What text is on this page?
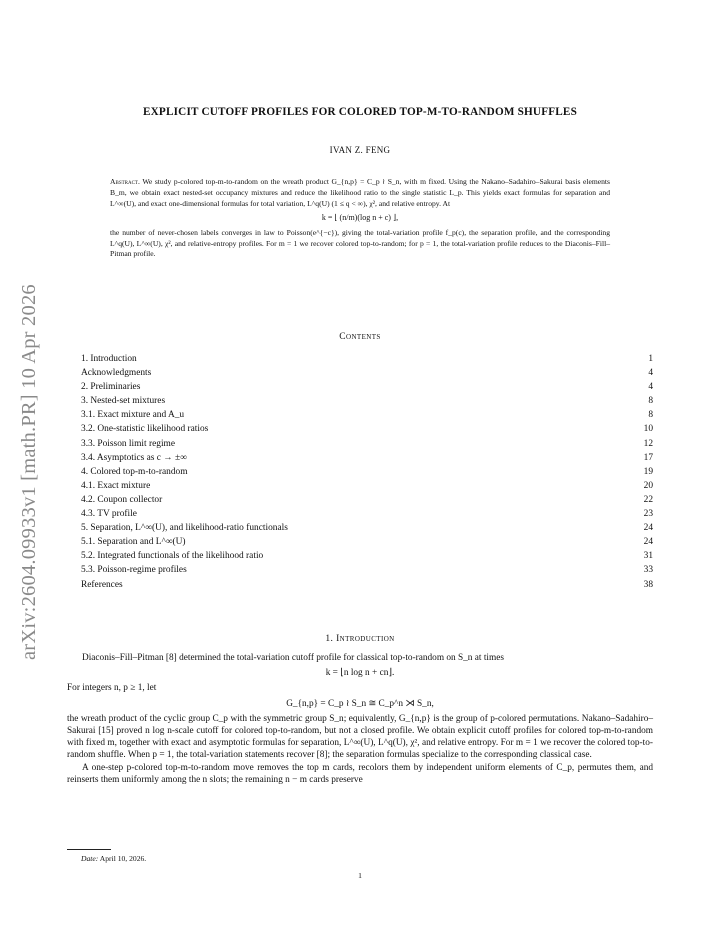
arXiv:2604.09933v1 [math.PR] 10 Apr 2026
EXPLICIT CUTOFF PROFILES FOR COLORED TOP-M-TO-RANDOM SHUFFLES
IVAN Z. FENG
Abstract. We study p-colored top-m-to-random on the wreath product G_{n,p} = C_p ≀ S_n, with m fixed. Using the Nakano–Sadahiro–Sakurai basis elements B_m, we obtain exact nested-set occupancy mixtures and reduce the likelihood ratio to the single statistic L_p. This yields exact formulas for separation and L^∞(U), and exact one-dimensional formulas for total variation, L^q(U) (1 ≤ q < ∞), χ², and relative entropy. At
k = ⌊ (n/m)(log n + c) ⌋,
the number of never-chosen labels converges in law to Poisson(e^{−c}), giving the total-variation profile f_p(c), the separation profile, and the corresponding L^q(U), L^∞(U), χ², and relative-entropy profiles. For m = 1 we recover colored top-to-random; for p = 1, the total-variation profile reduces to the Diaconis–Fill–Pitman profile.
Contents
1. Introduction	1
Acknowledgments	4
2. Preliminaries	4
3. Nested-set mixtures	8
3.1. Exact mixture and A_u	8
3.2. One-statistic likelihood ratios	10
3.3. Poisson limit regime	12
3.4. Asymptotics as c → ±∞	17
4. Colored top-m-to-random	19
4.1. Exact mixture	20
4.2. Coupon collector	22
4.3. TV profile	23
5. Separation, L^∞(U), and likelihood-ratio functionals	24
5.1. Separation and L^∞(U)	24
5.2. Integrated functionals of the likelihood ratio	31
5.3. Poisson-regime profiles	33
References	38
1. Introduction

Diaconis–Fill–Pitman [8] determined the total-variation cutoff profile for classical top-to-random on S_n at times

k = ⌊n log n + cn⌋.

For integers n, p ≥ 1, let

G_{n,p} = C_p ≀ S_n ≅ C_p^n ⋊ S_n,

the wreath product of the cyclic group C_p with the symmetric group S_n; equivalently, G_{n,p} is the group of p-colored permutations. Nakano–Sadahiro–Sakurai [15] proved n log n-scale cutoff for colored top-to-random, but not a closed profile. We obtain explicit cutoff profiles for colored top-m-to-random with fixed m, together with exact and asymptotic formulas for separation, L^∞(U), L^q(U), χ², and relative entropy. For m = 1 we recover the colored top-to-random shuffle. When p = 1, the total-variation statements recover [8]; the separation formulas specialize to the corresponding classical case.

A one-step p-colored top-m-to-random move removes the top m cards, recolors them by independent uniform elements of C_p, permutes them, and reinserts them uniformly among the n slots; the remaining n − m cards preserve

Date: April 10, 2026.
1
